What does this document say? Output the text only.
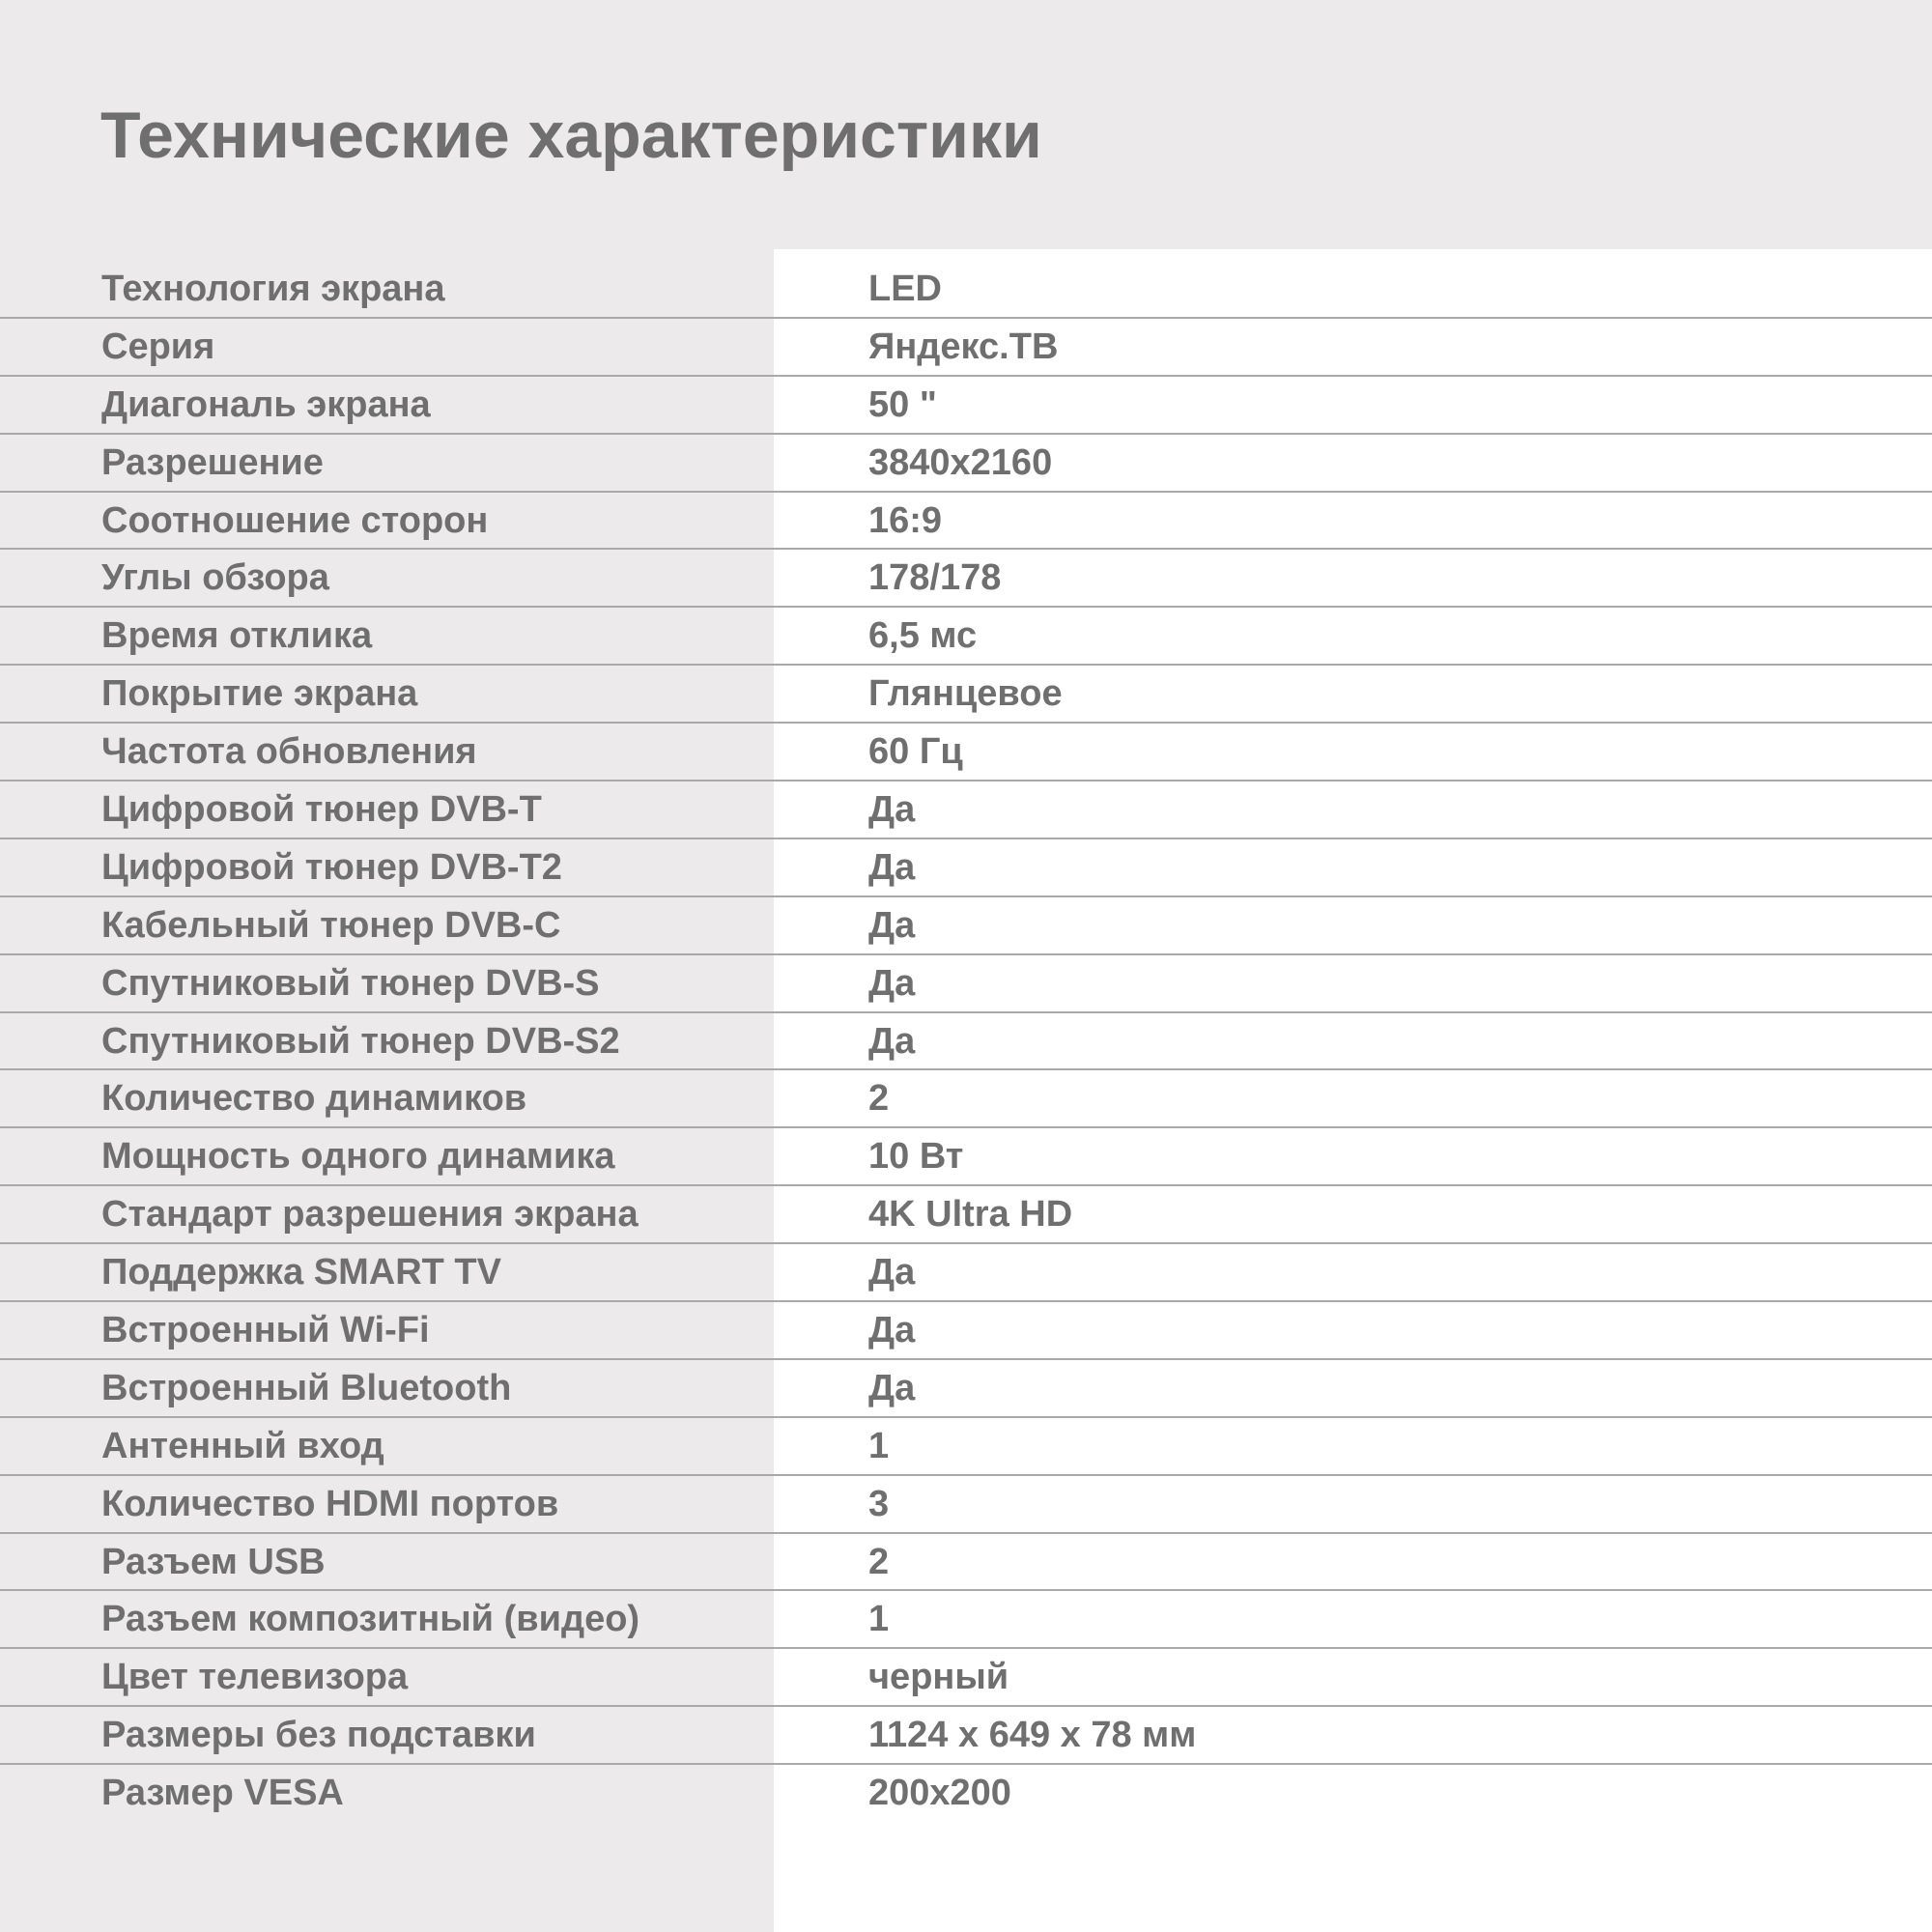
Технические характеристики
Технология экрана	LED
Серия	Яндекс.ТВ
Диагональ экрана	50 "
Разрешение	3840x2160
Соотношение сторон	16:9
Углы обзора	178/178
Время отклика	6,5 мс
Покрытие экрана	Глянцевое
Частота обновления	60 Гц
Цифровой тюнер DVB-T	Да
Цифровой тюнер DVB-T2	Да
Кабельный тюнер DVB-C	Да
Спутниковый тюнер DVB-S	Да
Спутниковый тюнер DVB-S2	Да
Количество динамиков	2
Мощность одного динамика	10 Вт
Стандарт разрешения экрана	4K Ultra HD
Поддержка SMART TV	Да
Встроенный Wi-Fi	Да
Встроенный Bluetooth	Да
Антенный вход	1
Количество HDMI портов	3
Разъем USB	2
Разъем композитный (видео)	1
Цвет телевизора	черный
Размеры без подставки	1124 x 649 x 78 мм
Размер VESA	200x200
